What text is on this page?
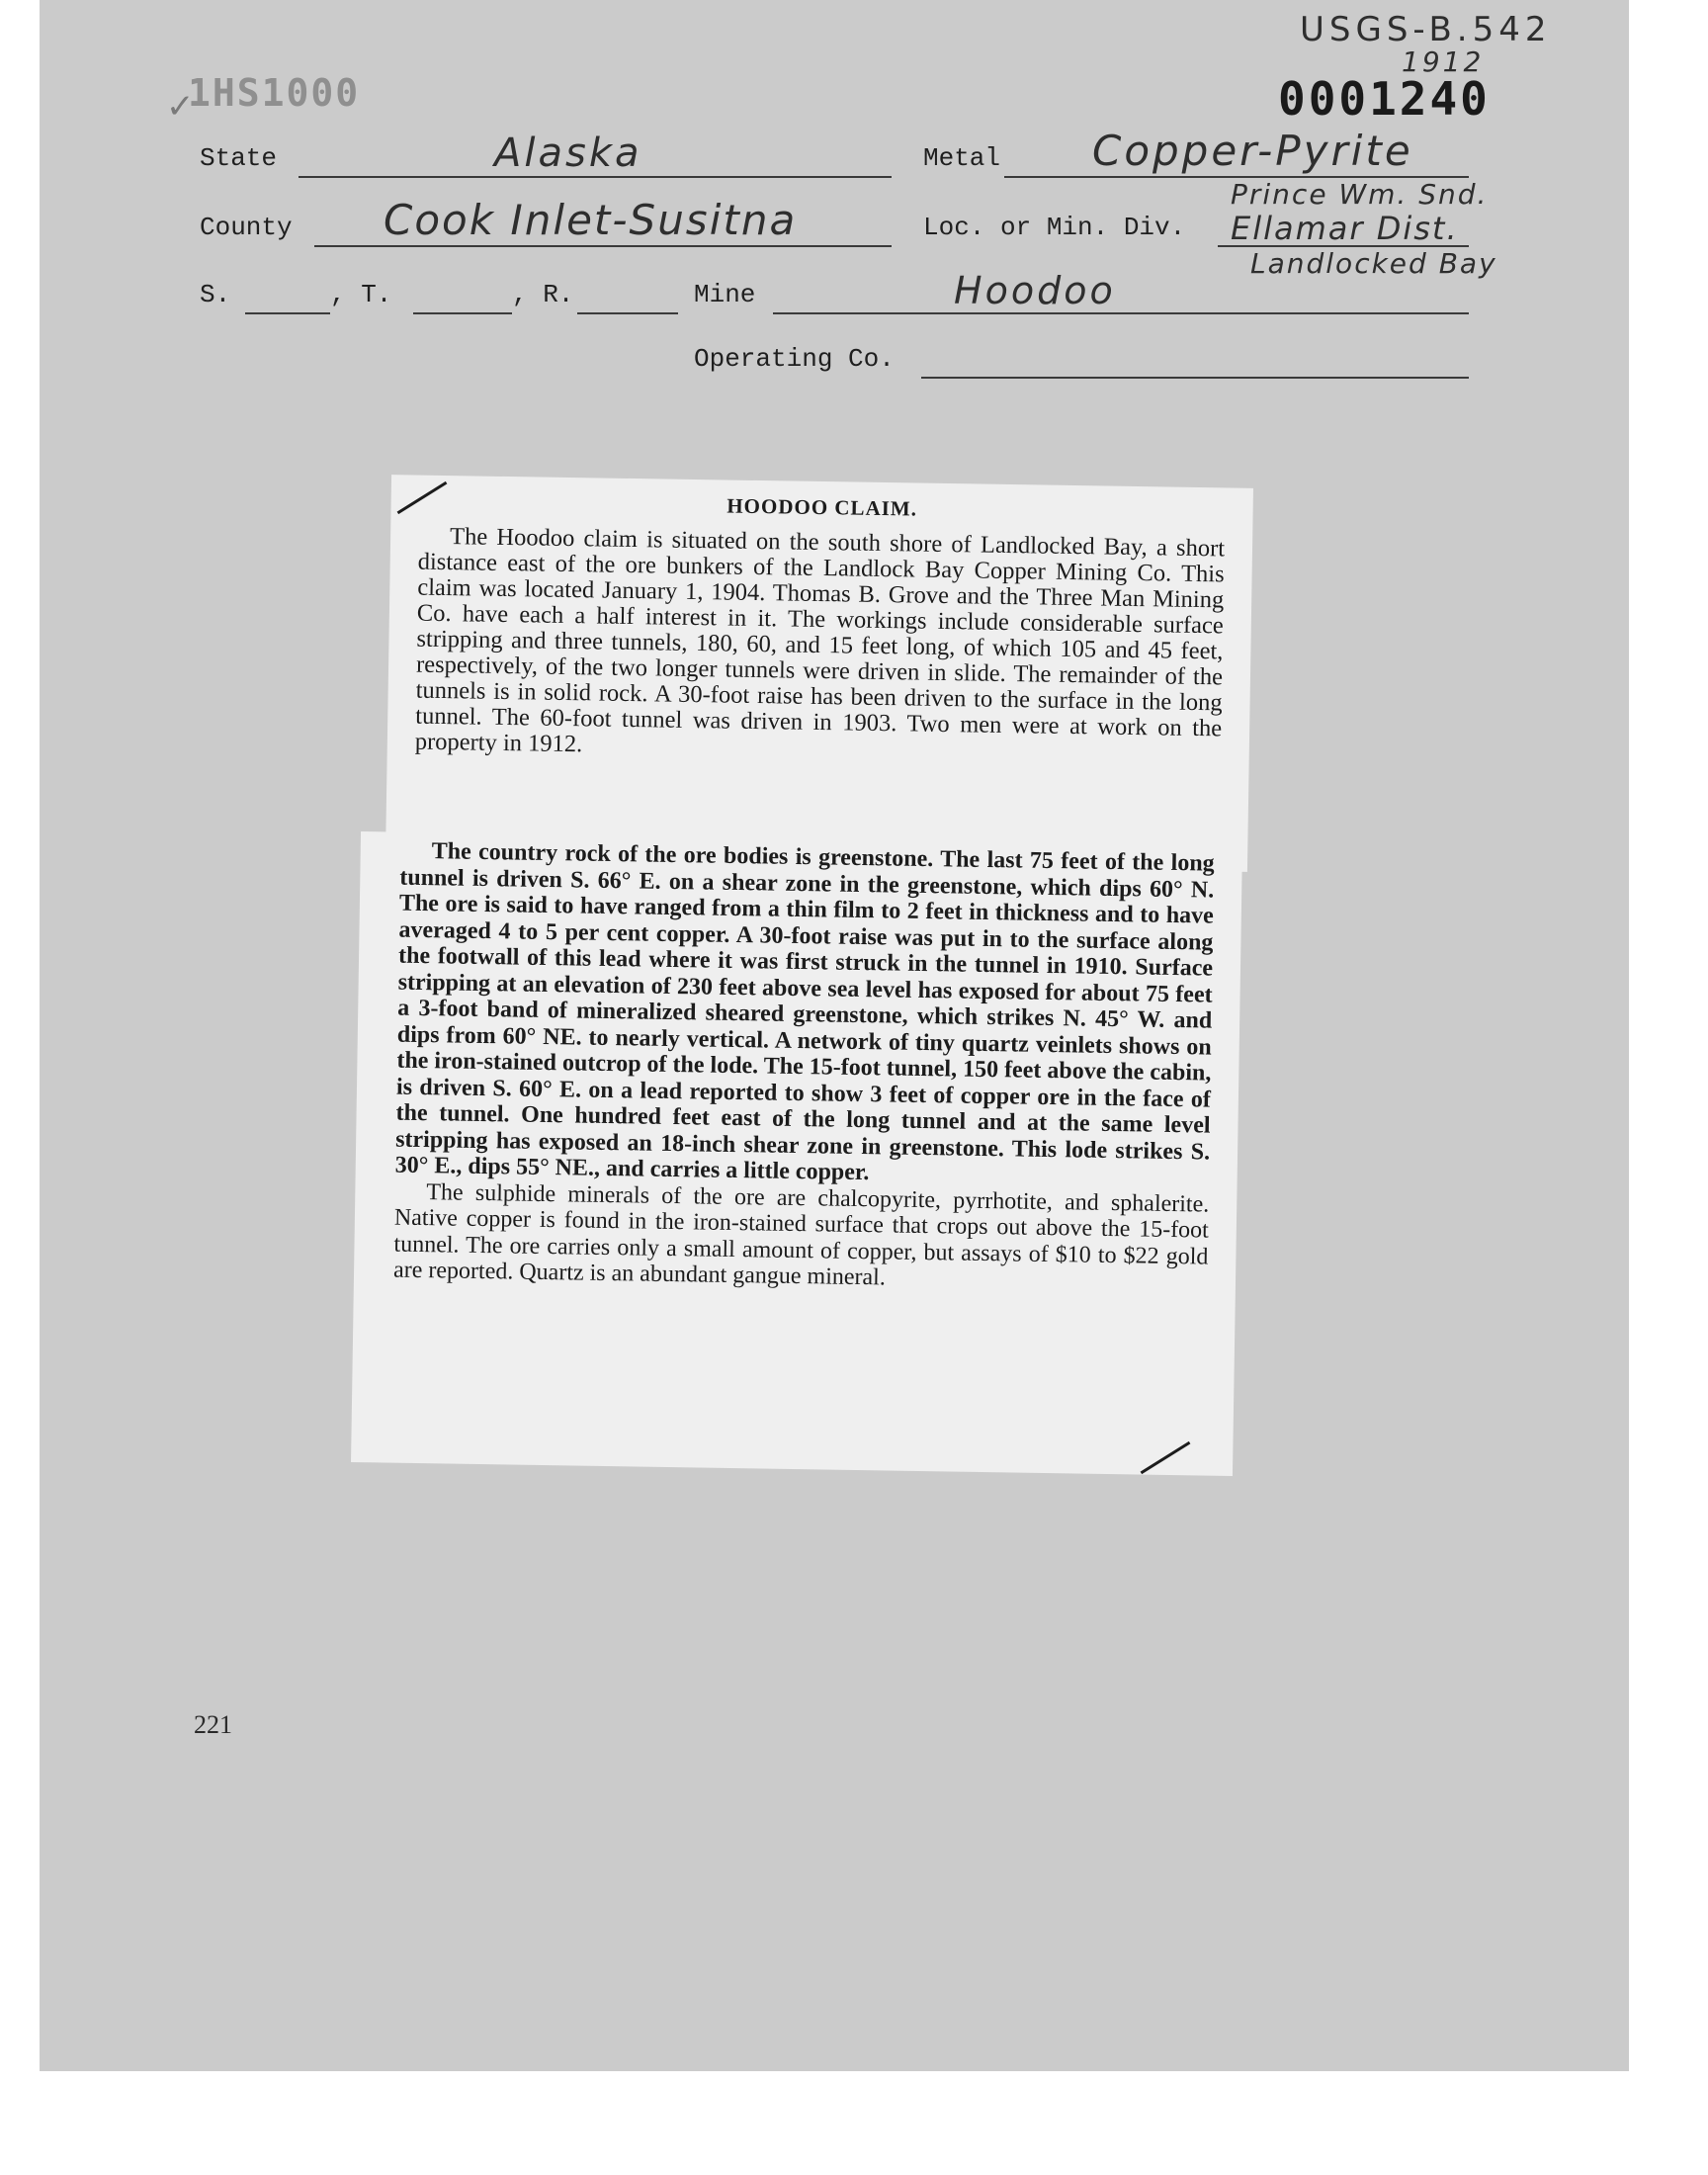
USGS-B.542
1912
✓
1HS1000	0001240
State	Alaska	Metal Copper-Pyrite
County Cook Inlet-Susitna	Loc. or Min. Div.
Prince Wm. Snd.
Ellamar Dist.
Landlocked Bay
S.	, T.	, R.	Mine	Hoodoo
Operating Co.

HOODOO CLAIM.

The Hoodoo claim is situated on the south shore of Landlocked Bay, a short distance east of the ore bunkers of the Landlock Bay Copper Mining Co. This claim was located January 1, 1904. Thomas B. Grove and the Three Man Mining Co. have each a half interest in it. The workings include considerable surface stripping and three tunnels, 180, 60, and 15 feet long, of which 105 and 45 feet, respectively, of the two longer tunnels were driven in slide. The remainder of the tunnels is in solid rock. A 30-foot raise has been driven to the surface in the long tunnel. The 60-foot tunnel was driven in 1903. Two men were at work on the property in 1912.

The country rock of the ore bodies is greenstone. The last 75 feet of the long tunnel is driven S. 66° E. on a shear zone in the greenstone, which dips 60° N. The ore is said to have ranged from a thin film to 2 feet in thickness and to have averaged 4 to 5 per cent copper. A 30-foot raise was put in to the surface along the footwall of this lead where it was first struck in the tunnel in 1910. Surface stripping at an elevation of 230 feet above sea level has exposed for about 75 feet a 3-foot band of mineralized sheared greenstone, which strikes N. 45° W. and dips from 60° NE. to nearly vertical. A network of tiny quartz veinlets shows on the iron-stained outcrop of the lode. The 15-foot tunnel, 150 feet above the cabin, is driven S. 60° E. on a lead reported to show 3 feet of copper ore in the face of the tunnel. One hundred feet east of the long tunnel and at the same level stripping has exposed an 18-inch shear zone in greenstone. This lode strikes S. 30° E., dips 55° NE., and carries a little copper.

The sulphide minerals of the ore are chalcopyrite, pyrrhotite, and sphalerite. Native copper is found in the iron-stained surface that crops out above the 15-foot tunnel. The ore carries only a small amount of copper, but assays of $10 to $22 gold are reported. Quartz is an abundant gangue mineral.

221
